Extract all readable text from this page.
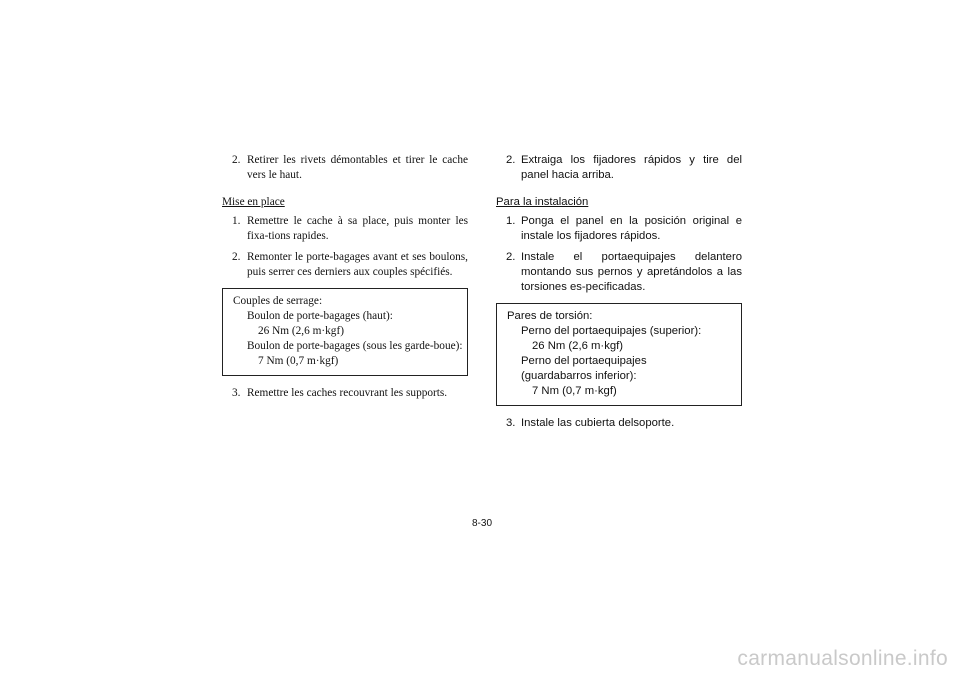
2. Retirer les rivets démontables et tirer le cache vers le haut.
Mise en place
1. Remettre le cache à sa place, puis monter les fixa-tions rapides.
2. Remonter le porte-bagages avant et ses boulons, puis serrer ces derniers aux couples spécifiés.
Couples de serrage:
Boulon de porte-bagages (haut):
26 Nm (2,6 m·kgf)
Boulon de porte-bagages (sous les garde-boue):
7 Nm (0,7 m·kgf)
3. Remettre les caches recouvrant les supports.
2. Extraiga los fijadores rápidos y tire del panel hacia arriba.
Para la instalación
1. Ponga el panel en la posición original e instale los fijadores rápidos.
2. Instale el portaequipajes delantero montando sus pernos y apretándolos a las torsiones es-pecificadas.
Pares de torsión:
Perno del portaequipajes (superior):
26 Nm (2,6 m·kgf)
Perno del portaequipajes
(guardabarros inferior):
7 Nm (0,7 m·kgf)
3. Instale las cubierta delsoporte.
8-30
carmanualsonline.info
